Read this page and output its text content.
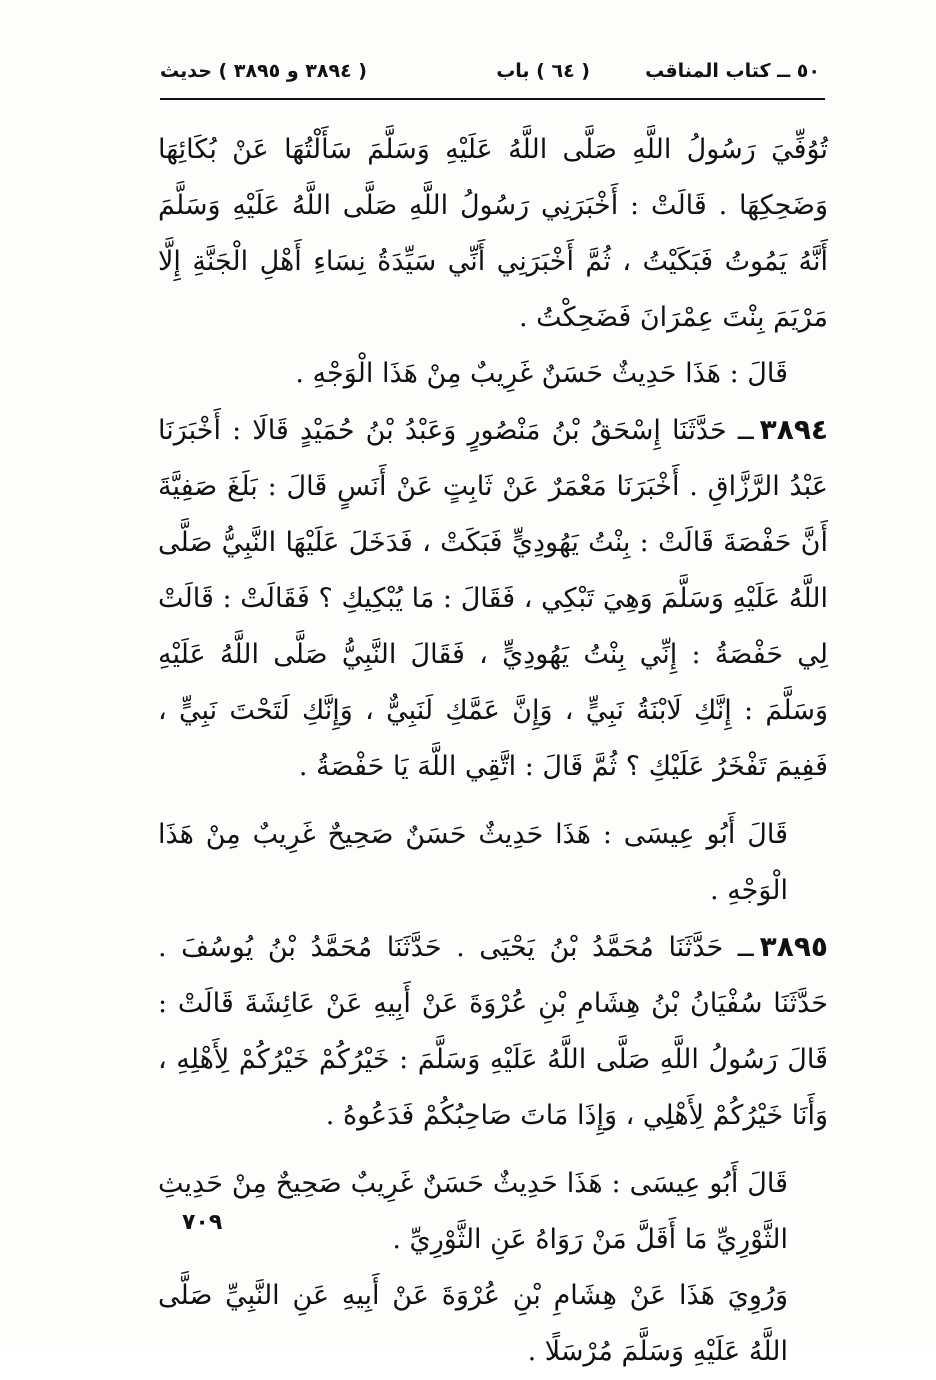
٥٠ ــ كتاب المناقب
( ٦٤ ) باب
( ٣٨٩٤ و ٣٨٩٥ ) حديث

تُوُفِّيَ رَسُولُ اللَّهِ صَلَّى اللَّهُ عَلَيْهِ وَسَلَّمَ سَأَلْتُهَا عَنْ بُكَائِهَا وَضَحِكِهَا . قَالَتْ : أَخْبَرَنِي رَسُولُ اللَّهِ صَلَّى اللَّهُ عَلَيْهِ وَسَلَّمَ أَنَّهُ يَمُوتُ فَبَكَيْتُ ، ثُمَّ أَخْبَرَنِي أَنِّي سَيِّدَةُ نِسَاءِ أَهْلِ الْجَنَّةِ إِلَّا مَرْيَمَ بِنْتَ عِمْرَانَ فَضَحِكْتُ .

قَالَ : هَذَا حَدِيثٌ حَسَنٌ غَرِيبٌ مِنْ هَذَا الْوَجْهِ .

٣٨٩٤ــ حَدَّثَنَا إِسْحَقُ بْنُ مَنْصُورٍ وَعَبْدُ بْنُ حُمَيْدٍ قَالَا : أَخْبَرَنَا عَبْدُ الرَّزَّاقِ . أَخْبَرَنَا مَعْمَرٌ عَنْ ثَابِتٍ عَنْ أَنَسٍ قَالَ : بَلَغَ صَفِيَّةَ أَنَّ حَفْصَةَ قَالَتْ : بِنْتُ يَهُودِيٍّ فَبَكَتْ ، فَدَخَلَ عَلَيْهَا النَّبِيُّ صَلَّى اللَّهُ عَلَيْهِ وَسَلَّمَ وَهِيَ تَبْكِي ، فَقَالَ : مَا يُبْكِيكِ ؟ فَقَالَتْ : قَالَتْ لِي حَفْصَةُ : إِنِّي بِنْتُ يَهُودِيٍّ ، فَقَالَ النَّبِيُّ صَلَّى اللَّهُ عَلَيْهِ وَسَلَّمَ : إِنَّكِ لَابْنَةُ نَبِيٍّ ، وَإِنَّ عَمَّكِ لَنَبِيٌّ ، وَإِنَّكِ لَتَحْتَ نَبِيٍّ ، فَفِيمَ تَفْخَرُ عَلَيْكِ ؟ ثُمَّ قَالَ : اتَّقِي اللَّهَ يَا حَفْصَةُ .

قَالَ أَبُو عِيسَى : هَذَا حَدِيثٌ حَسَنٌ صَحِيحٌ غَرِيبٌ مِنْ هَذَا الْوَجْهِ .

٣٨٩٥ــ حَدَّثَنَا مُحَمَّدُ بْنُ يَحْيَى . حَدَّثَنَا مُحَمَّدُ بْنُ يُوسُفَ . حَدَّثَنَا سُفْيَانُ بْنُ هِشَامِ بْنِ عُرْوَةَ عَنْ أَبِيهِ عَنْ عَائِشَةَ قَالَتْ : قَالَ رَسُولُ اللَّهِ صَلَّى اللَّهُ عَلَيْهِ وَسَلَّمَ : خَيْرُكُمْ خَيْرُكُمْ لِأَهْلِهِ ، وَأَنَا خَيْرُكُمْ لِأَهْلِي ، وَإِذَا مَاتَ صَاحِبُكُمْ فَدَعُوهُ .

قَالَ أَبُو عِيسَى : هَذَا حَدِيثٌ حَسَنٌ غَرِيبٌ صَحِيحٌ مِنْ حَدِيثِ الثَّوْرِيِّ مَا أَقَلَّ مَنْ رَوَاهُ عَنِ الثَّوْرِيِّ .

وَرُوِيَ هَذَا عَنْ هِشَامِ بْنِ عُرْوَةَ عَنْ أَبِيهِ عَنِ النَّبِيِّ صَلَّى اللَّهُ عَلَيْهِ وَسَلَّمَ مُرْسَلًا .

٧٠٩
